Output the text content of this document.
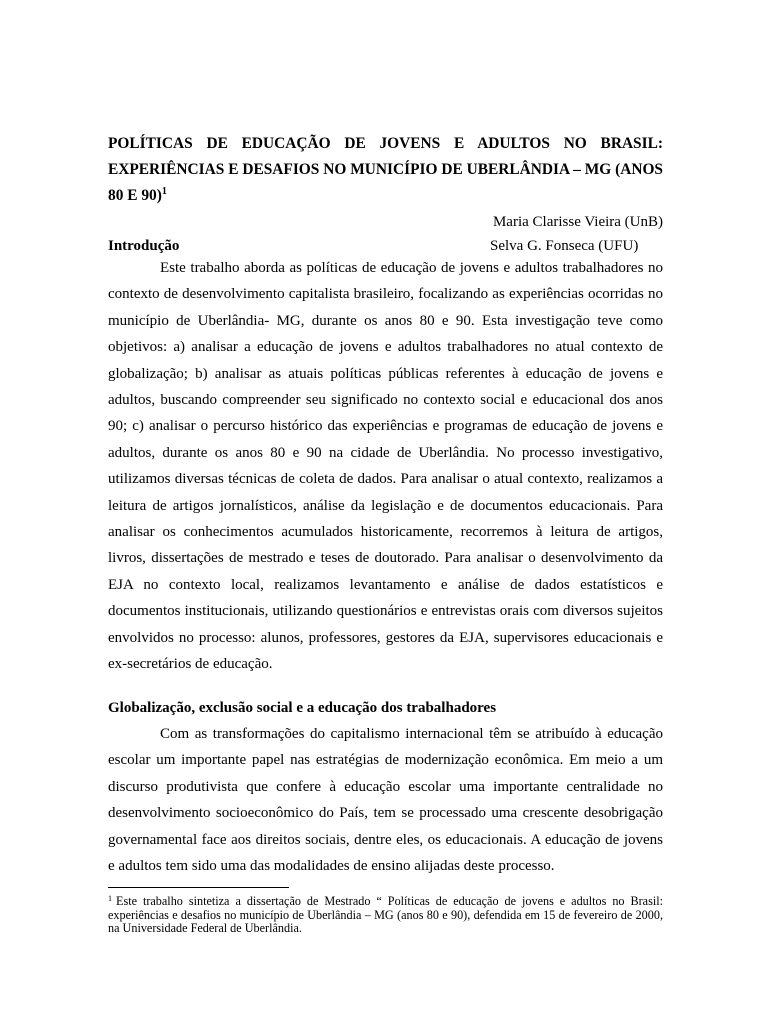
POLÍTICAS DE EDUCAÇÃO DE JOVENS E ADULTOS NO BRASIL: EXPERIÊNCIAS E DESAFIOS NO MUNICÍPIO DE UBERLÂNDIA – MG (ANOS 80 E 90)$^1$
Maria Clarisse Vieira (UnB)
Introdução	Selva G. Fonseca (UFU)

Este trabalho aborda as políticas de educação de jovens e adultos trabalhadores no contexto de desenvolvimento capitalista brasileiro, focalizando as experiências ocorridas no município de Uberlândia- MG, durante os anos 80 e 90. Esta investigação teve como objetivos: a) analisar a educação de jovens e adultos trabalhadores no atual contexto de globalização; b) analisar as atuais políticas públicas referentes à educação de jovens e adultos, buscando compreender seu significado no contexto social e educacional dos anos 90; c) analisar o percurso histórico das experiências e programas de educação de jovens e adultos, durante os anos 80 e 90 na cidade de Uberlândia. No processo investigativo, utilizamos diversas técnicas de coleta de dados. Para analisar o atual contexto, realizamos a leitura de artigos jornalísticos, análise da legislação e de documentos educacionais. Para analisar os conhecimentos acumulados historicamente, recorremos à leitura de artigos, livros, dissertações de mestrado e teses de doutorado. Para analisar o desenvolvimento da EJA no contexto local, realizamos levantamento e análise de dados estatísticos e documentos institucionais, utilizando questionários e entrevistas orais com diversos sujeitos envolvidos no processo: alunos, professores, gestores da EJA, supervisores educacionais e ex-secretários de educação.

Globalização, exclusão social e a educação dos trabalhadores

Com as transformações do capitalismo internacional têm se atribuído à educação escolar um importante papel nas estratégias de modernização econômica. Em meio a um discurso produtivista que confere à educação escolar uma importante centralidade no desenvolvimento socioeconômico do País, tem se processado uma crescente desobrigação governamental face aos direitos sociais, dentre eles, os educacionais. A educação de jovens e adultos tem sido uma das modalidades de ensino alijadas deste processo.

$^1$ Este trabalho sintetiza a dissertação de Mestrado “ Políticas de educação de jovens e adultos no Brasil: experiências e desafios no município de Uberlândia – MG (anos 80 e 90), defendida em 15 de fevereiro de 2000, na Universidade Federal de Uberlândia.
